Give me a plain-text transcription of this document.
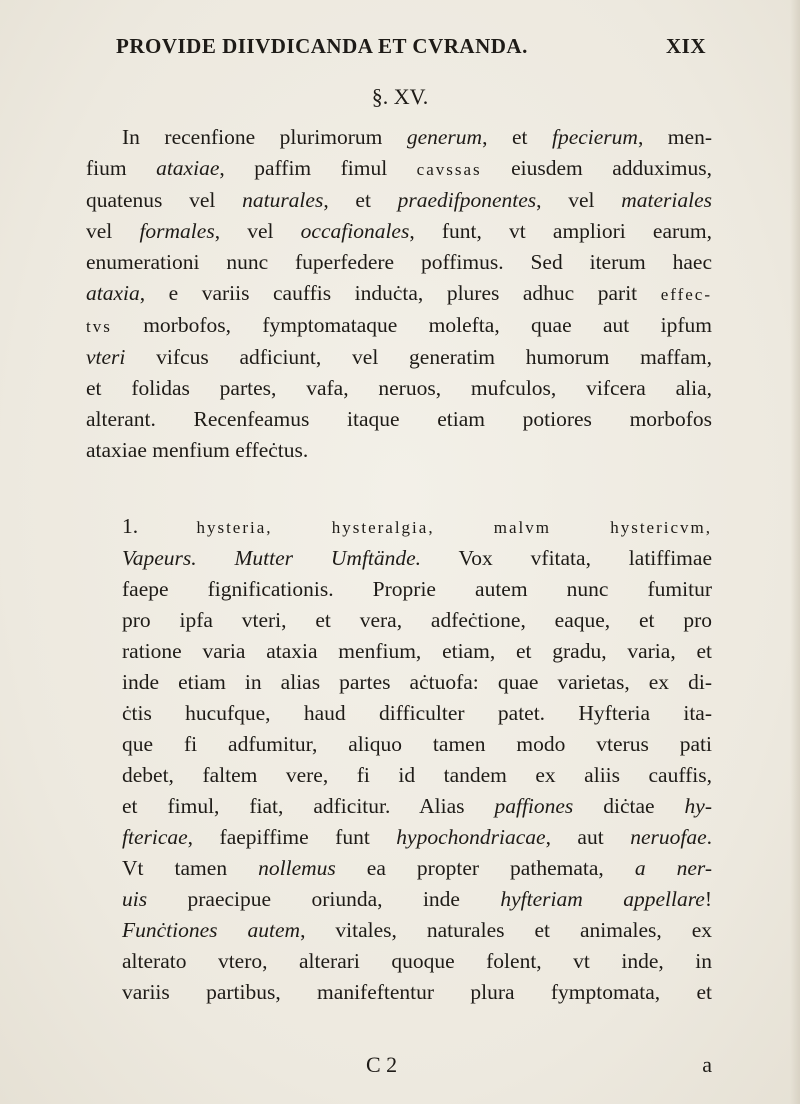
PROVIDE DIIVDICANDA ET CVRANDA.	XIX
§. XV.
In recenfione plurimorum generum, et fpecierum, men-
fium ataxiae, paffim fimul cavssas eiusdem adduximus,
quatenus vel naturales, et praedifponentes, vel materiales
vel formales, vel occafionales, funt, vt ampliori earum,
enumerationi nunc fuperfedere poffimus. Sed iterum haec
ataxia, e variis cauffis induċta, plures adhuc parit effec-
tvs morbofos, fymptomataque molefta, quae aut ipfum
vteri vifcus adficiunt, vel generatim humorum maffam,
et folidas partes, vafa, neruos, mufculos, vifcera alia,
alterant. Recenfeamus itaque etiam potiores morbofos
ataxiae menfium effeċtus.
1. hysteria, hysteralgia, malvm hystericvm,
Vapeurs. Mutter Umftände. Vox vfitata, latiffimae
faepe fignificationis. Proprie autem nunc fumitur
pro ipfa vteri, et vera, adfeċtione, eaque, et pro
ratione varia ataxia menfium, etiam, et gradu, varia, et
inde etiam in alias partes aċtuofa: quae varietas, ex di-
ċtis hucufque, haud difficulter patet. Hyfteria ita-
que fi adfumitur, aliquo tamen modo vterus pati
debet, faltem vere, fi id tandem ex aliis cauffis,
et fimul, fiat, adficitur. Alias paffiones diċtae hy-
ftericae, faepiffime funt hypochondriacae, aut neruofae.
Vt tamen nollemus ea propter pathemata, a ner-
uis praecipue oriunda, inde hyfteriam appellare!
Funċtiones autem, vitales, naturales et animales, ex
alterato vtero, alterari quoque folent, vt inde, in
variis partibus, manifeftentur plura fymptomata, et
C 2	a
